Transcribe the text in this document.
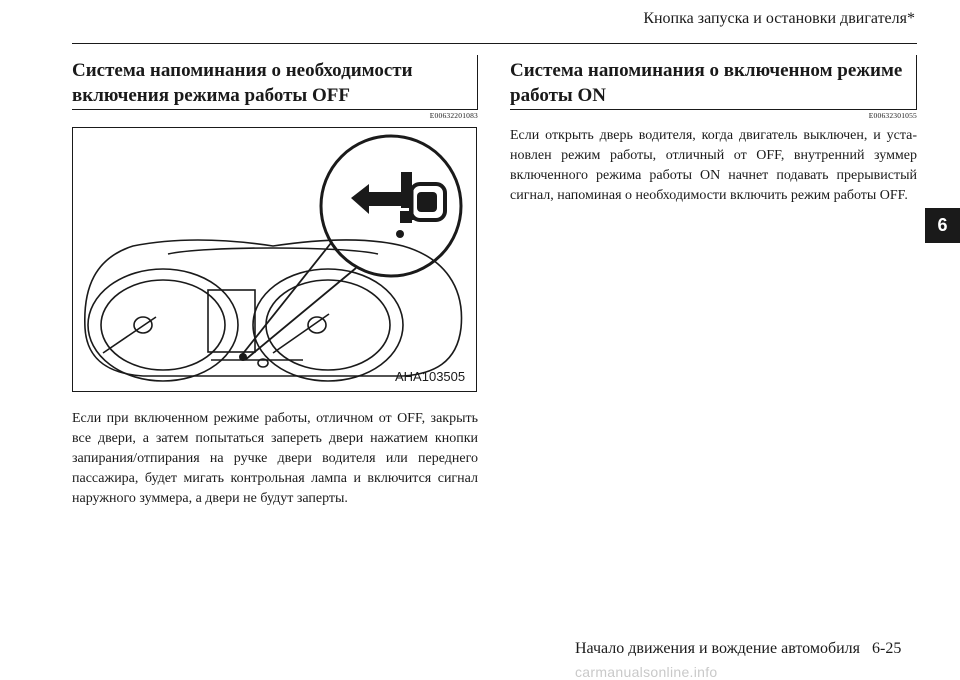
Кнопка запуска и остановки двигателя*
Система напоминания о необходимости
включения режима работы OFF
E00632201083
Система напоминания о включенном режиме
работы ON
E00632301055
AHA103505
Если при включенном режиме работы, отличном от OFF, закрыть все двери, а затем попытаться запереть двери нажатием кнопки запирания/отпирания на ручке двери водителя или переднего пассажира, будет мигать контрольная лампа и включится сигнал наружного зуммера, а двери не будут заперты.
Если открыть дверь водителя, когда двигатель выключен, и уста-новлен режим работы, отличный от OFF, внутренний зуммер включенного режима работы ON начнет подавать прерывистый сигнал, напоминая о необходимости включить режим работы OFF.
6
Начало движения и вождение автомобиля 6-25
carmanualsonline.info
